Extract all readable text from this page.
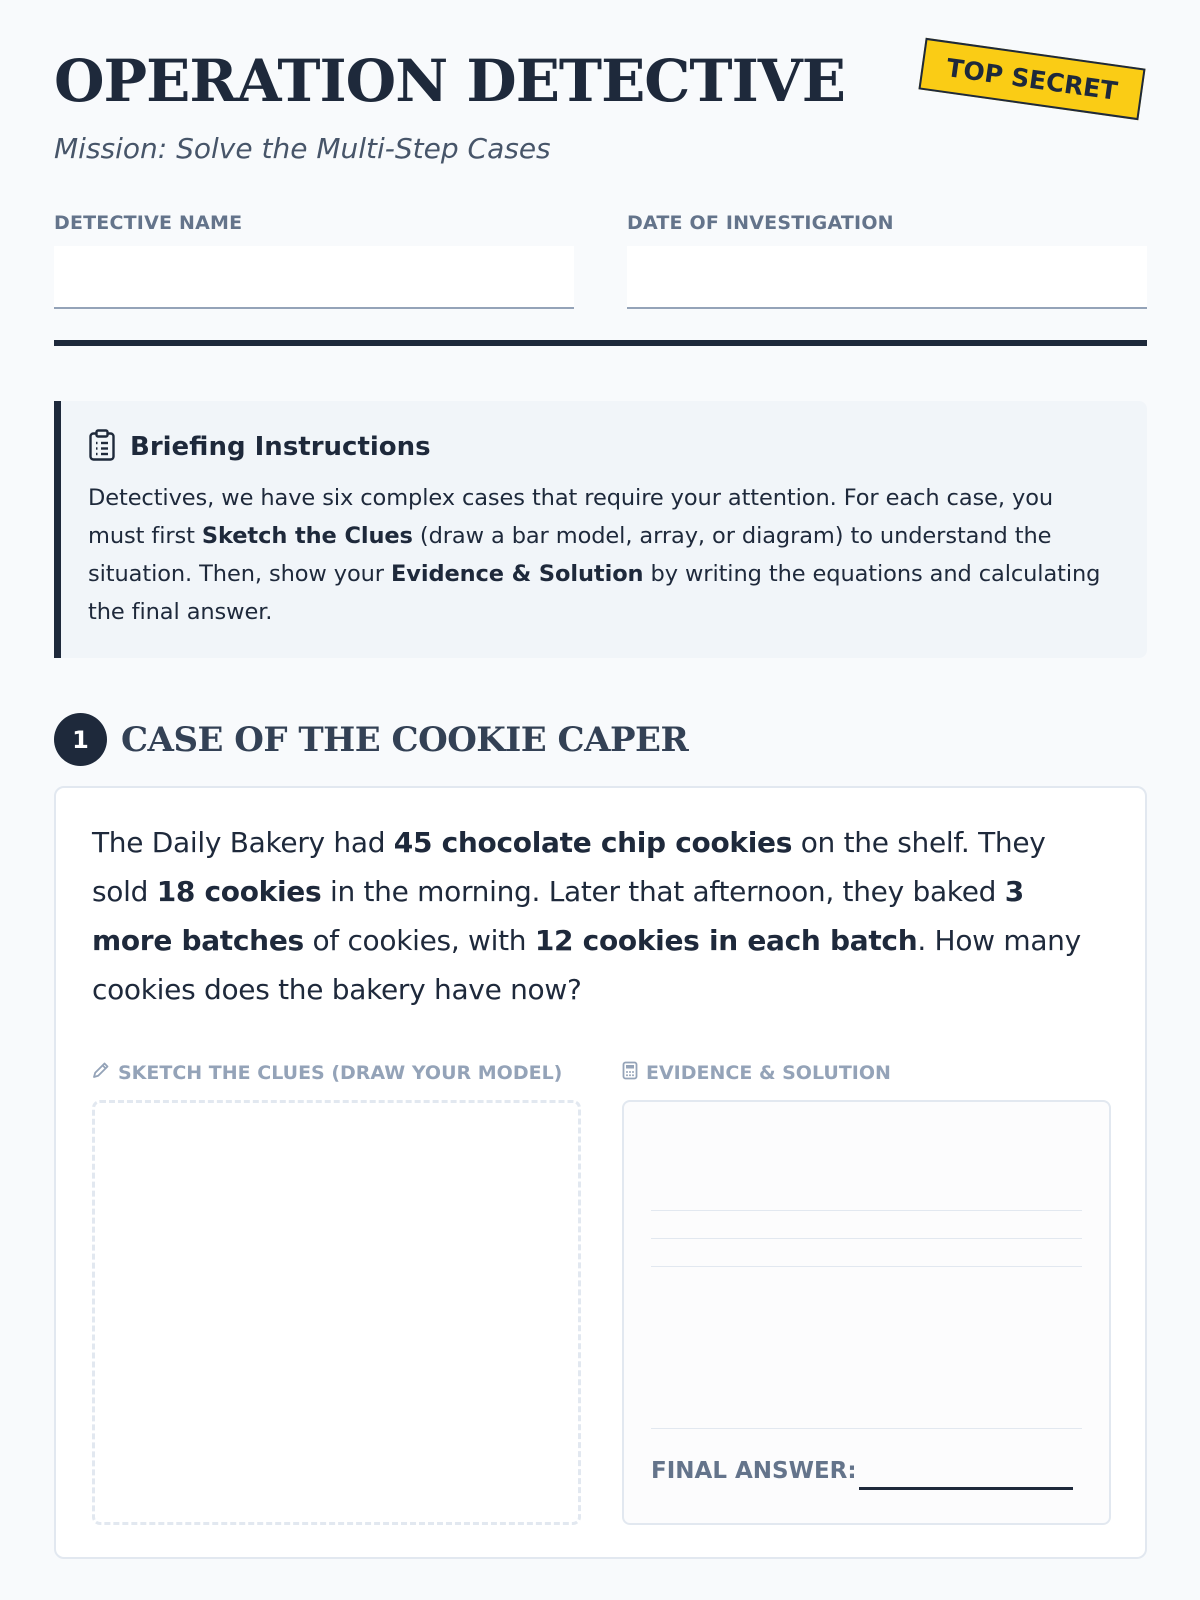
OPERATION DETECTIVE
Mission: Solve the Multi-Step Cases
TOP SECRET
DETECTIVE NAME	DATE OF INVESTIGATION
Briefing Instructions
Detectives, we have six complex cases that require your attention. For each case, you must first Sketch the Clues (draw a bar model, array, or diagram) to understand the situation. Then, show your Evidence & Solution by writing the equations and calculating the final answer.
1 CASE OF THE COOKIE CAPER
The Daily Bakery had 45 chocolate chip cookies on the shelf. They sold 18 cookies in the morning. Later that afternoon, they baked 3 more batches of cookies, with 12 cookies in each batch. How many cookies does the bakery have now?
SKETCH THE CLUES (DRAW YOUR MODEL)	EVIDENCE & SOLUTION
FINAL ANSWER:
